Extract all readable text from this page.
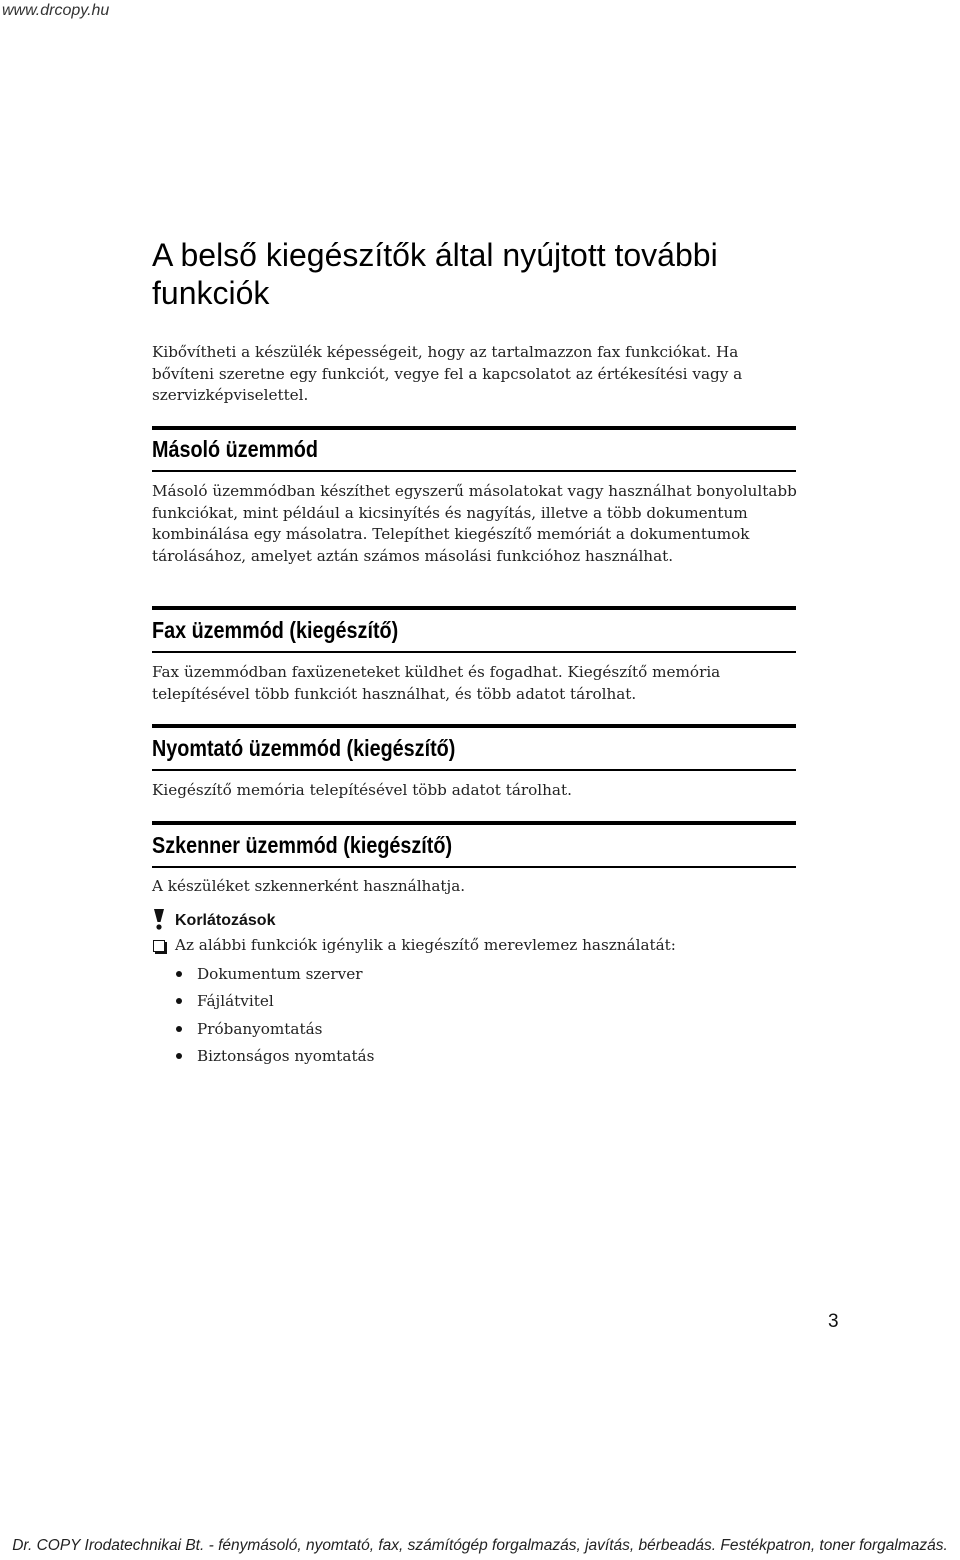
www.drcopy.hu
A belső kiegészítők által nyújtott további funkciók

Kibővítheti a készülék képességeit, hogy az tartalmazzon fax funkciókat. Ha bővíteni szeretne egy funkciót, vegye fel a kapcsolatot az értékesítési vagy a szervizképviselettel.

Másoló üzemmód

Másoló üzemmódban készíthet egyszerű másolatokat vagy használhat bonyolultabb funkciókat, mint például a kicsinyítés és nagyítás, illetve a több dokumentum kombinálása egy másolatra. Telepíthet kiegészítő memóriát a dokumentumok tárolásához, amelyet aztán számos másolási funkcióhoz használhat.

Fax üzemmód (kiegészítő)

Fax üzemmódban faxüzeneteket küldhet és fogadhat. Kiegészítő memória telepítésével több funkciót használhat, és több adatot tárolhat.

Nyomtató üzemmód (kiegészítő)

Kiegészítő memória telepítésével több adatot tárolhat.

Szkenner üzemmód (kiegészítő)

A készüléket szkennerként használhatja.

Korlátozások
Az alábbi funkciók igénylik a kiegészítő merevlemez használatát:
Dokumentum szerver
Fájlátvitel
Próbanyomtatás
Biztonságos nyomtatás
3
Dr. COPY Irodatechnikai Bt. - fénymásoló, nyomtató, fax, számítógép forgalmazás, javítás, bérbeadás. Festékpatron, toner forgalmazás.
